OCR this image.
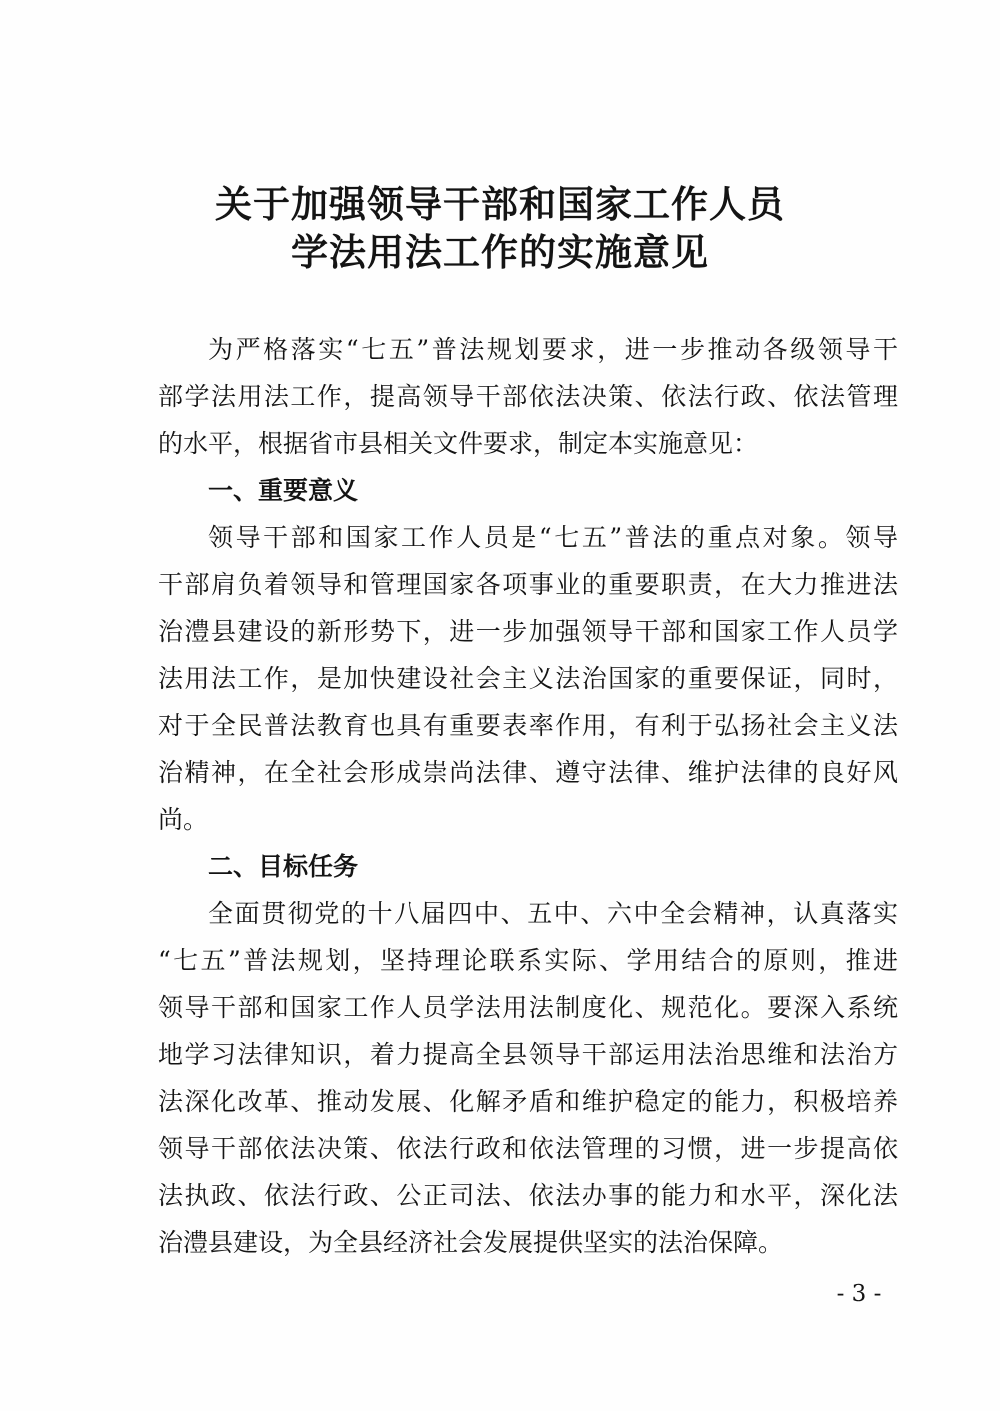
关于加强领导干部和国家工作人员
学法用法工作的实施意见
为严格落实“七五”普法规划要求，进一步推动各级领导干
部学法用法工作，提高领导干部依法决策、依法行政、依法管理
的水平，根据省市县相关文件要求，制定本实施意见：
一、重要意义
领导干部和国家工作人员是“七五”普法的重点对象。领导
干部肩负着领导和管理国家各项事业的重要职责，在大力推进法
治澧县建设的新形势下，进一步加强领导干部和国家工作人员学
法用法工作，是加快建设社会主义法治国家的重要保证，同时，
对于全民普法教育也具有重要表率作用，有利于弘扬社会主义法
治精神，在全社会形成崇尚法律、遵守法律、维护法律的良好风
尚。
二、目标任务
全面贯彻党的十八届四中、五中、六中全会精神，认真落实
“七五”普法规划，坚持理论联系实际、学用结合的原则，推进
领导干部和国家工作人员学法用法制度化、规范化。要深入系统
地学习法律知识，着力提高全县领导干部运用法治思维和法治方
法深化改革、推动发展、化解矛盾和维护稳定的能力，积极培养
领导干部依法决策、依法行政和依法管理的习惯，进一步提高依
法执政、依法行政、公正司法、依法办事的能力和水平，深化法
治澧县建设，为全县经济社会发展提供坚实的法治保障。
- 3 -
